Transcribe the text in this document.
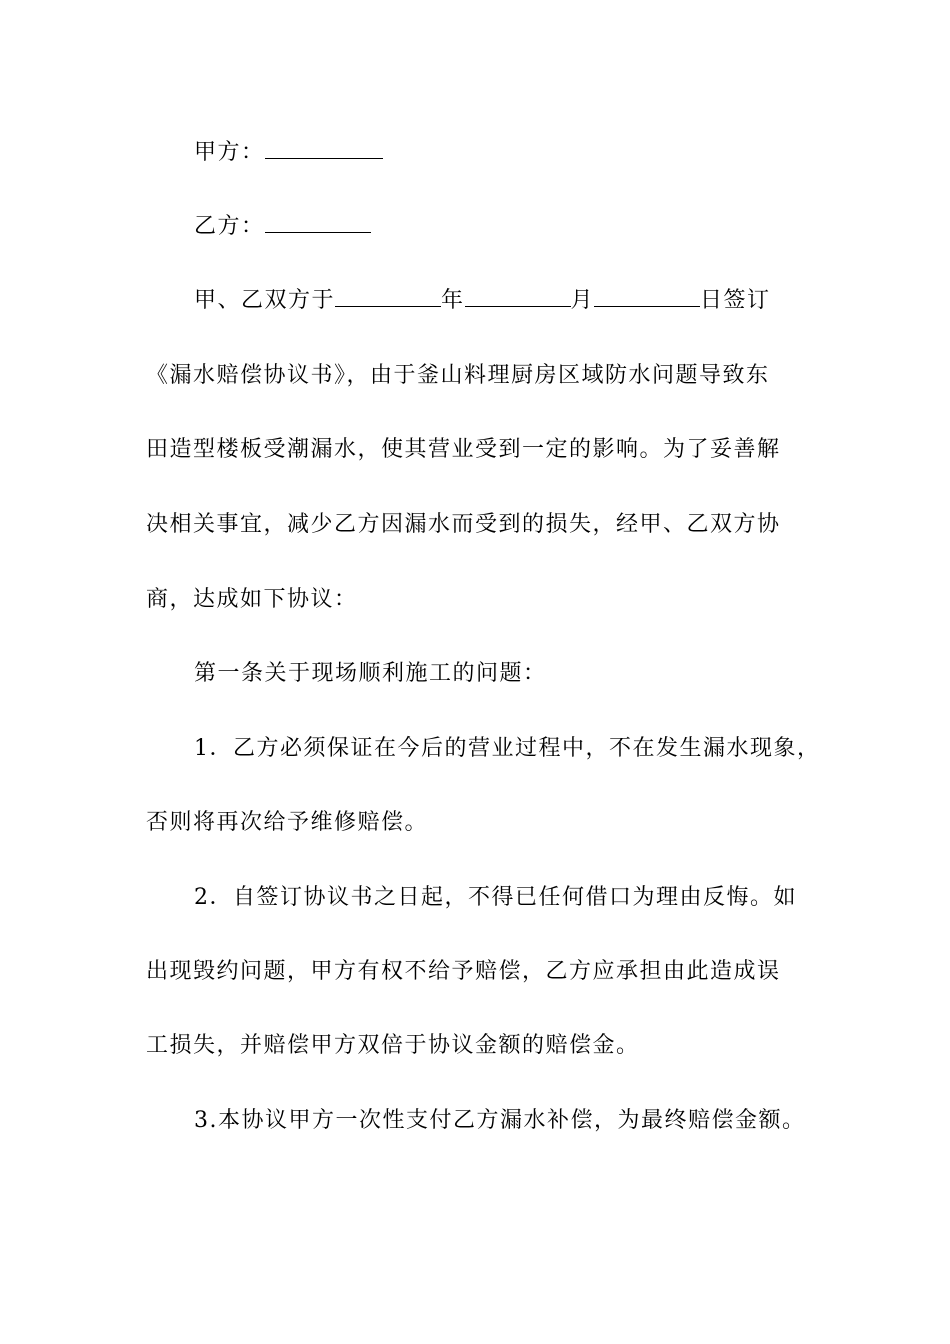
甲方：
乙方：
甲、乙双方于	年	月	日签订
《漏水赔偿协议书》，由于釜山料理厨房区域防水问题导致东
田造型楼板受潮漏水，使其营业受到一定的影响。为了妥善解
决相关事宜，减少乙方因漏水而受到的损失，经甲、乙双方协
商，达成如下协议：
第一条关于现场顺利施工的问题：
1．乙方必须保证在今后的营业过程中，不在发生漏水现象，
否则将再次给予维修赔偿。
2．自签订协议书之日起，不得已任何借口为理由反悔。如
出现毁约问题，甲方有权不给予赔偿，乙方应承担由此造成误
工损失，并赔偿甲方双倍于协议金额的赔偿金。
3.本协议甲方一次性支付乙方漏水补偿，为最终赔偿金额。
